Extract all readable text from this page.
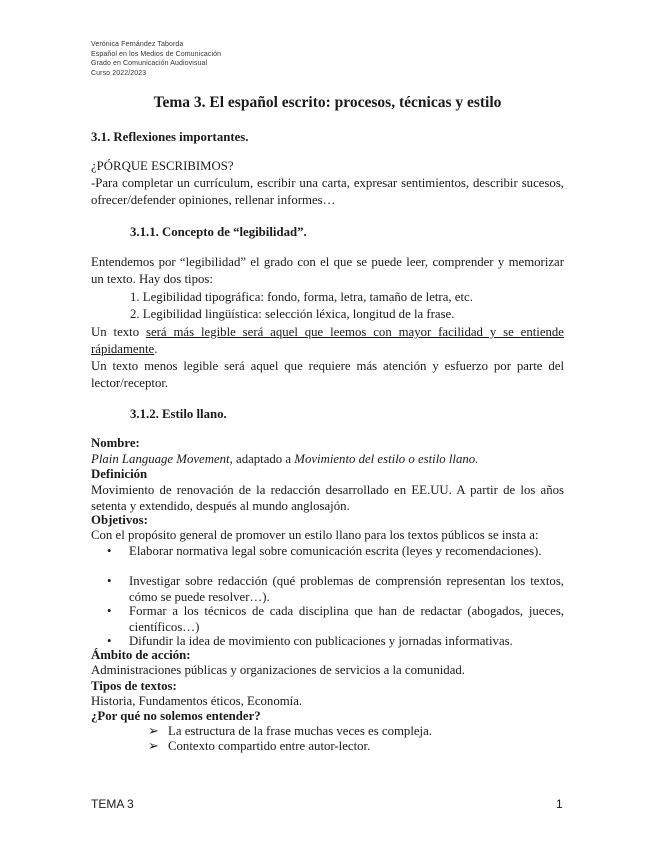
Verónica Fernández Taborda
Español en los Medios de Comunicación
Grado en Comunicación Audiovisual
Curso 2022/2023
Tema 3. El español escrito: procesos, técnicas y estilo
3.1. Reflexiones importantes.
¿PÓRQUE ESCRIBIMOS?

-Para completar un currículum, escribir una carta, expresar sentimientos, describir sucesos, ofrecer/defender opiniones, rellenar informes…

3.1.1. Concepto de “legibilidad”.

Entendemos por “legibilidad” el grado con el que se puede leer, comprender y memorizar un texto. Hay dos tipos:

1. Legibilidad tipográfica: fondo, forma, letra, tamaño de letra, etc.
2. Legibilidad lingüística: selección léxica, longitud de la frase.

Un texto será más legible será aquel que leemos con mayor facilidad y se entiende rápidamente.

Un texto menos legible será aquel que requiere más atención y esfuerzo por parte del lector/receptor.

3.1.2. Estilo llano.
Nombre:
Plain Language Movement, adaptado a Movimiento del estilo o estilo llano.
Definición

Movimiento de renovación de la redacción desarrollado en EE.UU. A partir de los años setenta y extendido, después al mundo anglosajón.

Objetivos:
Con el propósito general de promover un estilo llano para los textos públicos se insta a:
• Elaborar normativa legal sobre comunicación escrita (leyes y recomendaciones).
• Investigar sobre redacción (qué problemas de comprensión representan los textos, cómo se puede resolver…).
• Formar a los técnicos de cada disciplina que han de redactar (abogados, jueces, científicos…)
• Difundir la idea de movimiento con publicaciones y jornadas informativas.
Ámbito de acción:
Administraciones públicas y organizaciones de servicios a la comunidad.
Tipos de textos:
Historia, Fundamentos éticos, Economía.
¿Por qué no solemos entender?
➢ La estructura de la frase muchas veces es compleja.
➢ Contexto compartido entre autor-lector.
TEMA 3	1
